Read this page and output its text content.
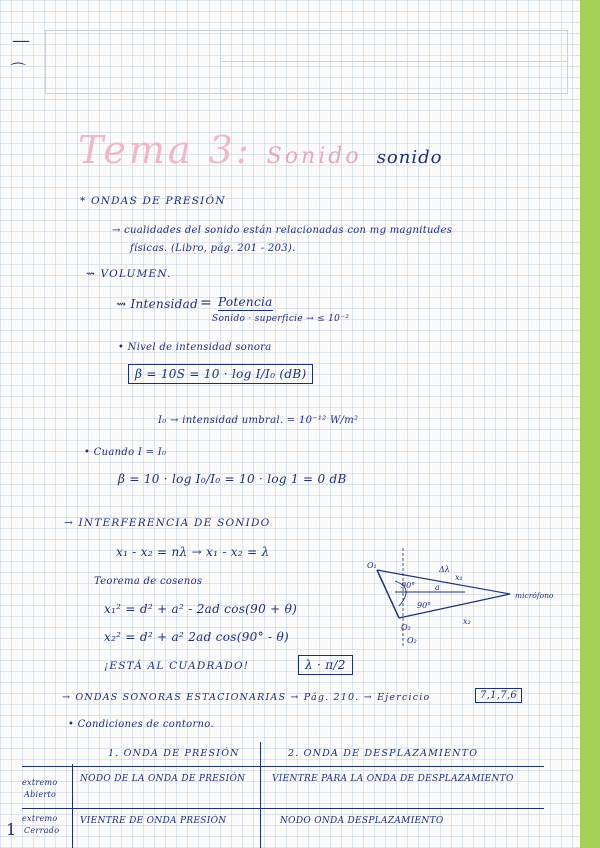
—
⌒
Tema 3: Sonido sonido
* ONDAS DE PRESIÓN
→ cualidades del sonido están relacionadas con mg magnitudes
físicas. (Libro, pág. 201 - 203).
⇝ VOLUMEN.
⇝ Intensidad = Potencia
Sonido · superficie → ≤ 10⁻²
• Nivel de intensidad sonora
β = 10S = 10 · log I/I₀ (dB)
I₀ → intensidad umbral. = 10⁻¹² W/m²
• Cuando I = I₀
β = 10 · log I₀/I₀ = 10 · log 1 = 0 dB
→ INTERFERENCIA DE SONIDO
x₁ - x₂ = nλ → x₁ - x₂ = λ
Teorema de cosenos
x₁² = d² + a² - 2ad cos(90 + θ)
x₂² = d² + a² 2ad cos(90° - θ)
¡ESTÁ AL CUADRADO!	λ · π/2
O₁
O₂
90°
90°
a
Δλ
x₂
x₁
micrófono
O₂
→ ONDAS SONORAS ESTACIONARIAS → Pág. 210. → Ejercicio	7,1,7,6
• Condiciones de contorno.
1. ONDA DE PRESIÓN	2. ONDA DE DESPLAZAMIENTO
extremo
Abierto
NODO DE LA ONDA DE PRESIÓN	VIENTRE PARA LA ONDA DE DESPLAZAMIENTO
extremo
Cerrado
VIENTRE DE ONDA PRESIÓN	NODO ONDA DESPLAZAMIENTO
1
